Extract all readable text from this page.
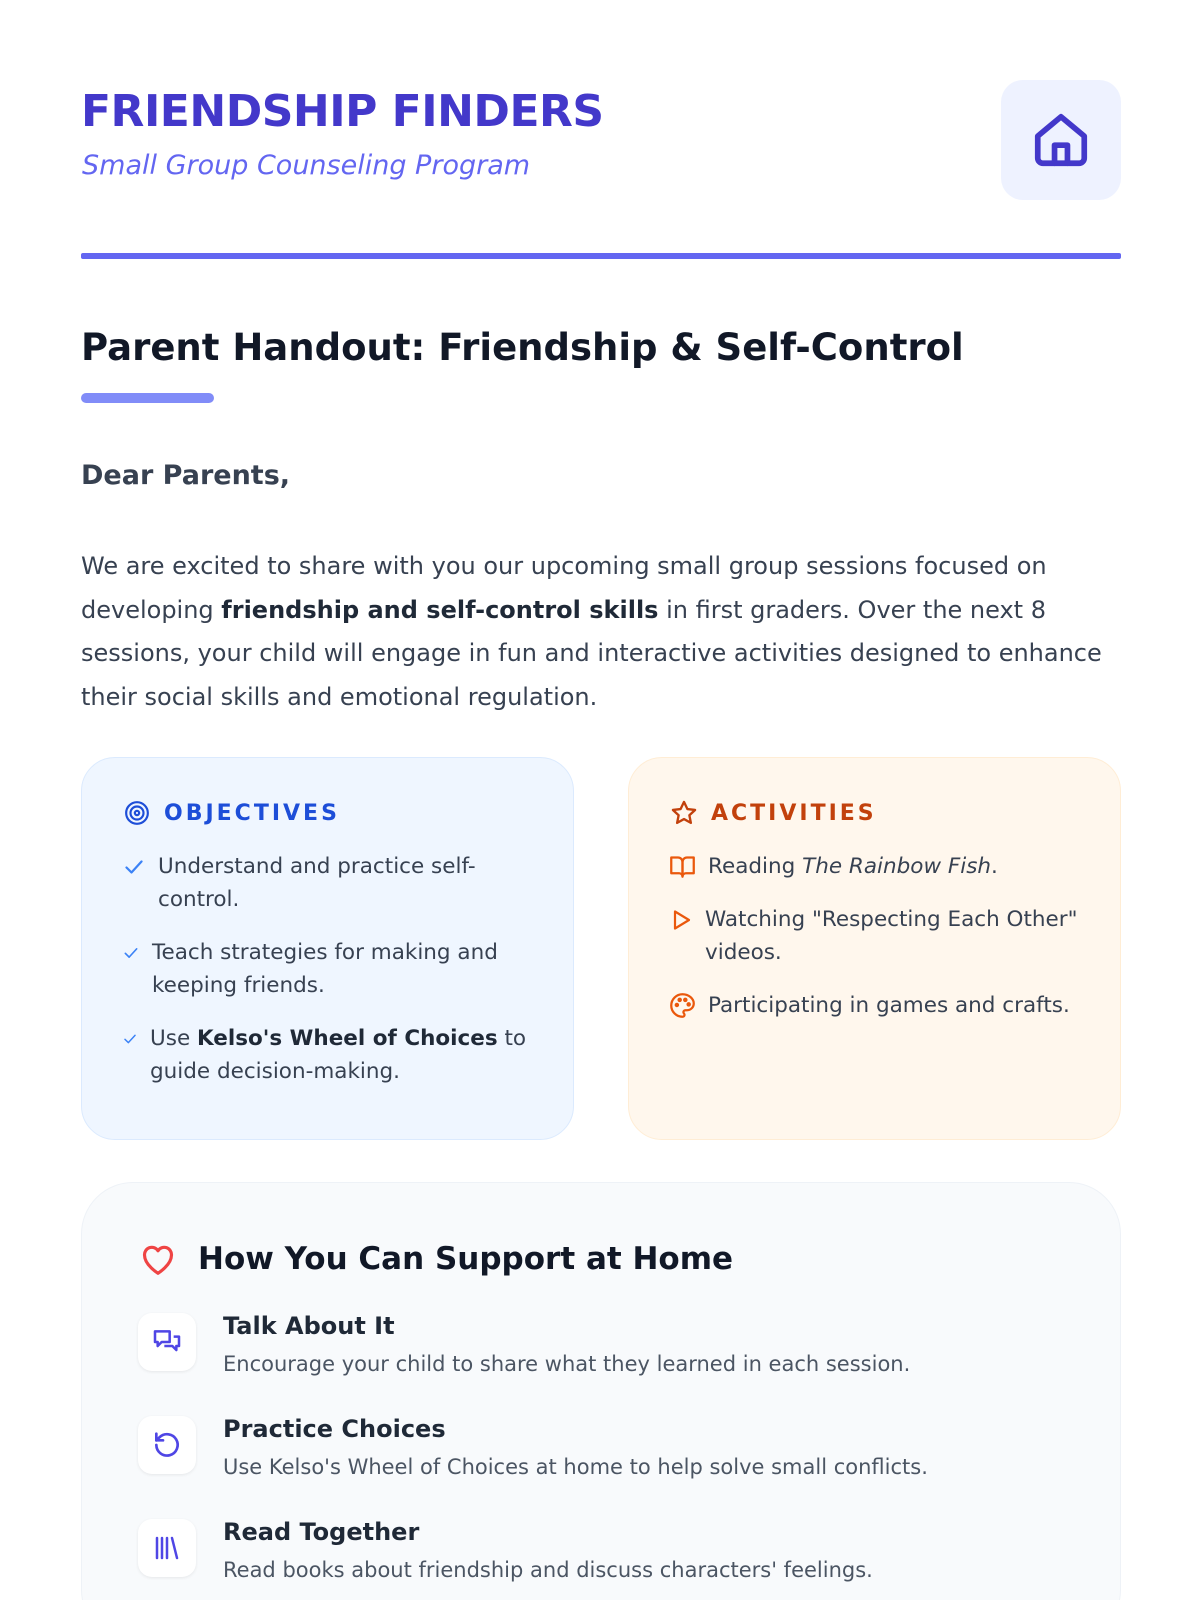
FRIENDSHIP FINDERS
Small Group Counseling Program
Parent Handout: Friendship & Self-Control
Dear Parents,

We are excited to share with you our upcoming small group sessions focused on developing friendship and self-control skills in first graders. Over the next 8 sessions, your child will engage in fun and interactive activities designed to enhance their social skills and emotional regulation.

OBJECTIVES
Understand and practice self-control.
Teach strategies for making and keeping friends.
Use Kelso's Wheel of Choices to guide decision-making.
ACTIVITIES
Reading The Rainbow Fish.
Watching "Respecting Each Other" videos.
Participating in games and crafts.
How You Can Support at Home
Talk About It
Encourage your child to share what they learned in each session.
Practice Choices
Use Kelso's Wheel of Choices at home to help solve small conflicts.
Read Together
Read books about friendship and discuss characters' feelings.
